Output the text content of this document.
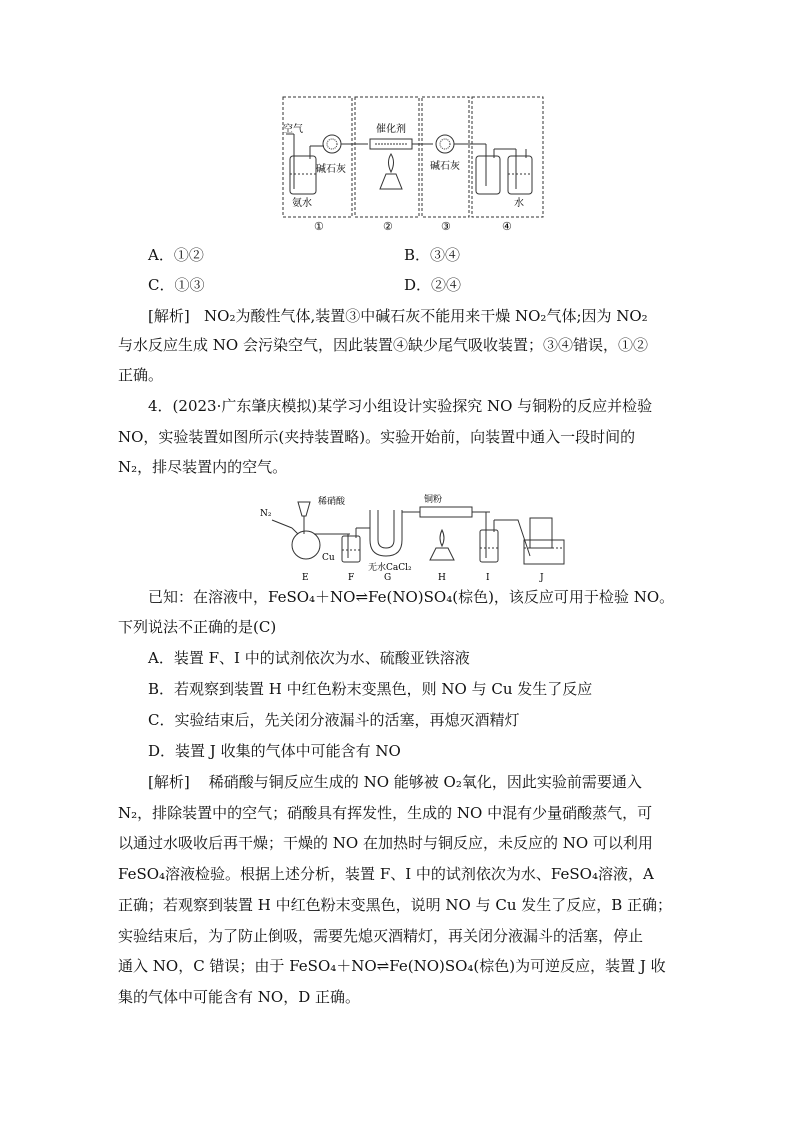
空气	催化剂
碱石灰	碱石灰
氨水	水
①	②	③	④
A．①②	B．③④
C．①③	D．②④
[解析] NO₂为酸性气体,装置③中碱石灰不能用来干燥 NO₂气体;因为 NO₂
与水反应生成 NO 会污染空气，因此装置④缺少尾气吸收装置；③④错误，①②
正确。
4．(2023·广东肇庆模拟)某学习小组设计实验探究 NO 与铜粉的反应并检验
NO，实验装置如图所示(夹持装置略)。实验开始前，向装置中通入一段时间的
N₂，排尽装置内的空气。
N₂
稀硝酸	铜粉
Cu
无水CaCl₂
E	F	G	H	I	J
已知：在溶液中，FeSO₄＋NO⇌Fe(NO)SO₄(棕色)，该反应可用于检验 NO。
下列说法不正确的是(C)
A．装置 F、I 中的试剂依次为水、硫酸亚铁溶液
B．若观察到装置 H 中红色粉末变黑色，则 NO 与 Cu 发生了反应
C．实验结束后，先关闭分液漏斗的活塞，再熄灭酒精灯
D．装置 J 收集的气体中可能含有 NO
[解析] 稀硝酸与铜反应生成的 NO 能够被 O₂氧化，因此实验前需要通入
N₂，排除装置中的空气；硝酸具有挥发性，生成的 NO 中混有少量硝酸蒸气，可
以通过水吸收后再干燥；干燥的 NO 在加热时与铜反应，未反应的 NO 可以利用
FeSO₄溶液检验。根据上述分析，装置 F、I 中的试剂依次为水、FeSO₄溶液，A
正确；若观察到装置 H 中红色粉末变黑色，说明 NO 与 Cu 发生了反应，B 正确；
实验结束后，为了防止倒吸，需要先熄灭酒精灯，再关闭分液漏斗的活塞，停止
通入 NO，C 错误；由于 FeSO₄＋NO⇌Fe(NO)SO₄(棕色)为可逆反应，装置 J 收
集的气体中可能含有 NO，D 正确。
